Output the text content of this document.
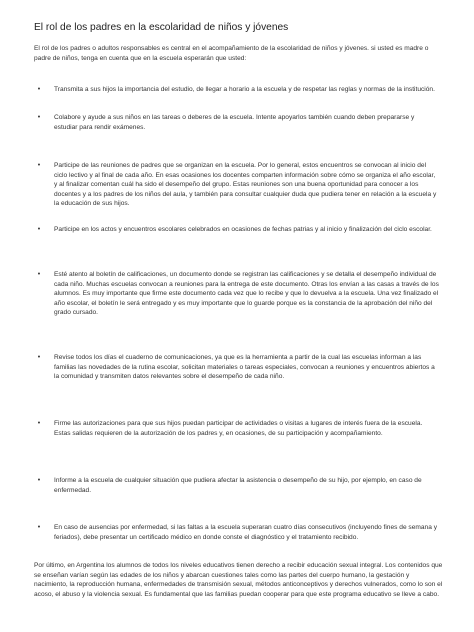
El rol de los padres en la escolaridad de niños y jóvenes
El rol de los padres o adultos responsables es central en el acompañamiento de la escolaridad de niños y jóvenes. si usted es madre o padre de niños, tenga en cuenta que en la escuela esperarán que usted:
•	Transmita a sus hijos la importancia del estudio, de llegar a horario a la escuela y de respetar las reglas y normas de la institución.
•	Colabore y ayude a sus niños en las tareas o deberes de la escuela. Intente apoyarlos también cuando deben prepararse y estudiar para rendir exámenes.
•	Participe de las reuniones de padres que se organizan en la escuela. Por lo general, estos encuentros se convocan al inicio del ciclo lectivo y al final de cada año. En esas ocasiones los docentes comparten información sobre cómo se organiza el año escolar, y al finalizar comentan cuál ha sido el desempeño del grupo. Estas reuniones son una buena oportunidad para conocer a los docentes y a los padres de los niños del aula, y también para consultar cualquier duda que pudiera tener en relación a la escuela y la educación de sus hijos.
•	Participe en los actos y encuentros escolares celebrados en ocasiones de fechas patrias y al inicio y finalización del ciclo escolar.
•	Esté atento al boletín de calificaciones, un documento donde se registran las calificaciones y se detalla el desempeño individual de cada niño. Muchas escuelas convocan a reuniones para la entrega de este documento. Otras los envían a las casas a través de los alumnos. Es muy importante que firme este documento cada vez que lo recibe y que lo devuelva a la escuela. Una vez finalizado el año escolar, el boletín le será entregado y es muy importante que lo guarde porque es la constancia de la aprobación del niño del grado cursado.
•	Revise todos los días el cuaderno de comunicaciones, ya que es la herramienta a partir de la cual las escuelas informan a las familias las novedades de la rutina escolar, solicitan materiales o tareas especiales, convocan a reuniones y encuentros abiertos a la comunidad y transmiten datos relevantes sobre el desempeño de cada niño.
•	Firme las autorizaciones para que sus hijos puedan participar de actividades o visitas a lugares de interés fuera de la escuela. Estas salidas requieren de la autorización de los padres y, en ocasiones, de su participación y acompañamiento.
•	Informe a la escuela de cualquier situación que pudiera afectar la asistencia o desempeño de su hijo, por ejemplo, en caso de enfermedad.
•	En caso de ausencias por enfermedad, si las faltas a la escuela superaran cuatro días consecutivos (incluyendo fines de semana y feriados), debe presentar un certificado médico en donde conste el diagnóstico y el tratamiento recibido.
Por último, en Argentina los alumnos de todos los niveles educativos tienen derecho a recibir educación sexual integral. Los contenidos que se enseñan varían según las edades de los niños y abarcan cuestiones tales como las partes del cuerpo humano, la gestación y nacimiento, la reproducción humana, enfermedades de transmisión sexual, métodos anticonceptivos y derechos vulnerados, como lo son el acoso, el abuso y la violencia sexual. Es fundamental que las familias puedan cooperar para que este programa educativo se lleve a cabo.
